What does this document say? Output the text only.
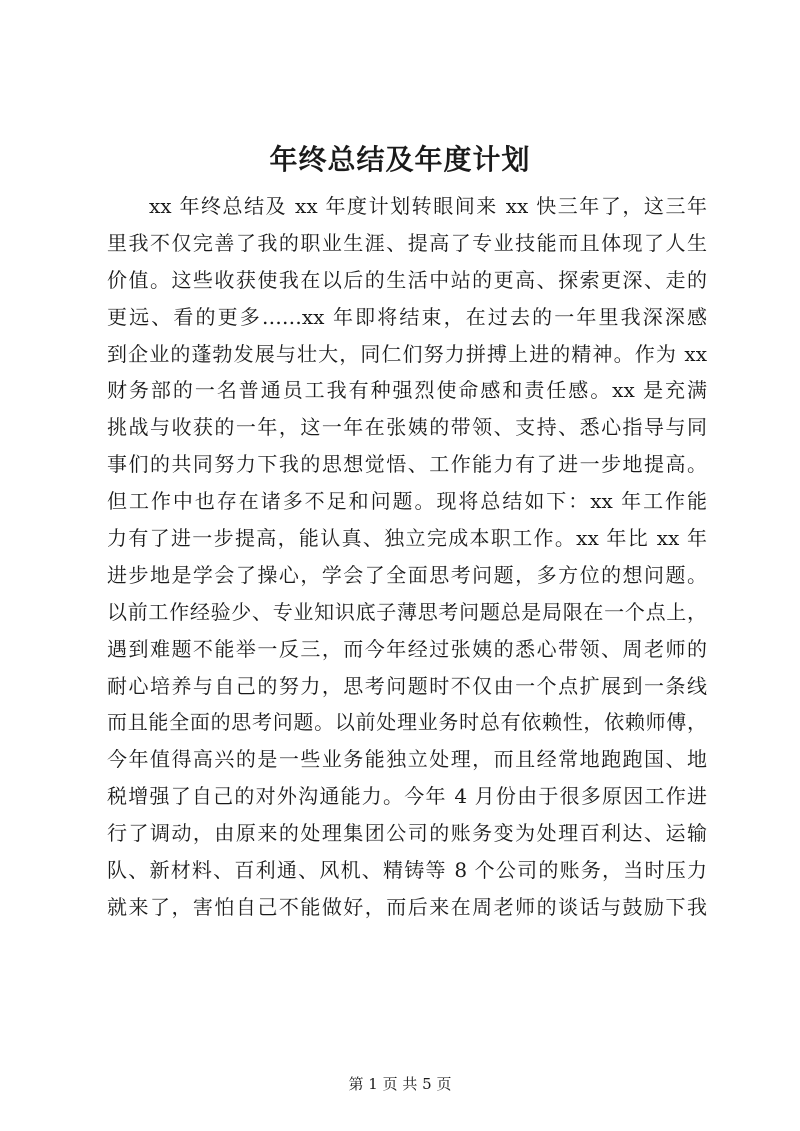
年终总结及年度计划
xx 年终总结及 xx 年度计划转眼间来 xx 快三年了，这三年
里我不仅完善了我的职业生涯、提高了专业技能而且体现了人生
价值。这些收获使我在以后的生活中站的更高、探索更深、走的
更远、看的更多……xx 年即将结束，在过去的一年里我深深感
到企业的蓬勃发展与壮大，同仁们努力拼搏上进的精神。作为 xx
财务部的一名普通员工我有种强烈使命感和责任感。xx 是充满
挑战与收获的一年，这一年在张姨的带领、支持、悉心指导与同
事们的共同努力下我的思想觉悟、工作能力有了进一步地提高。
但工作中也存在诸多不足和问题。现将总结如下：xx 年工作能
力有了进一步提高，能认真、独立完成本职工作。xx 年比 xx 年
进步地是学会了操心，学会了全面思考问题，多方位的想问题。
以前工作经验少、专业知识底子薄思考问题总是局限在一个点上，
遇到难题不能举一反三，而今年经过张姨的悉心带领、周老师的
耐心培养与自己的努力，思考问题时不仅由一个点扩展到一条线
而且能全面的思考问题。以前处理业务时总有依赖性，依赖师傅，
今年值得高兴的是一些业务能独立处理，而且经常地跑跑国、地
税增强了自己的对外沟通能力。今年 4 月份由于很多原因工作进
行了调动，由原来的处理集团公司的账务变为处理百利达、运输
队、新材料、百利通、风机、精铸等 8 个公司的账务，当时压力
就来了，害怕自己不能做好，而后来在周老师的谈话与鼓励下我
第 1 页 共 5 页
